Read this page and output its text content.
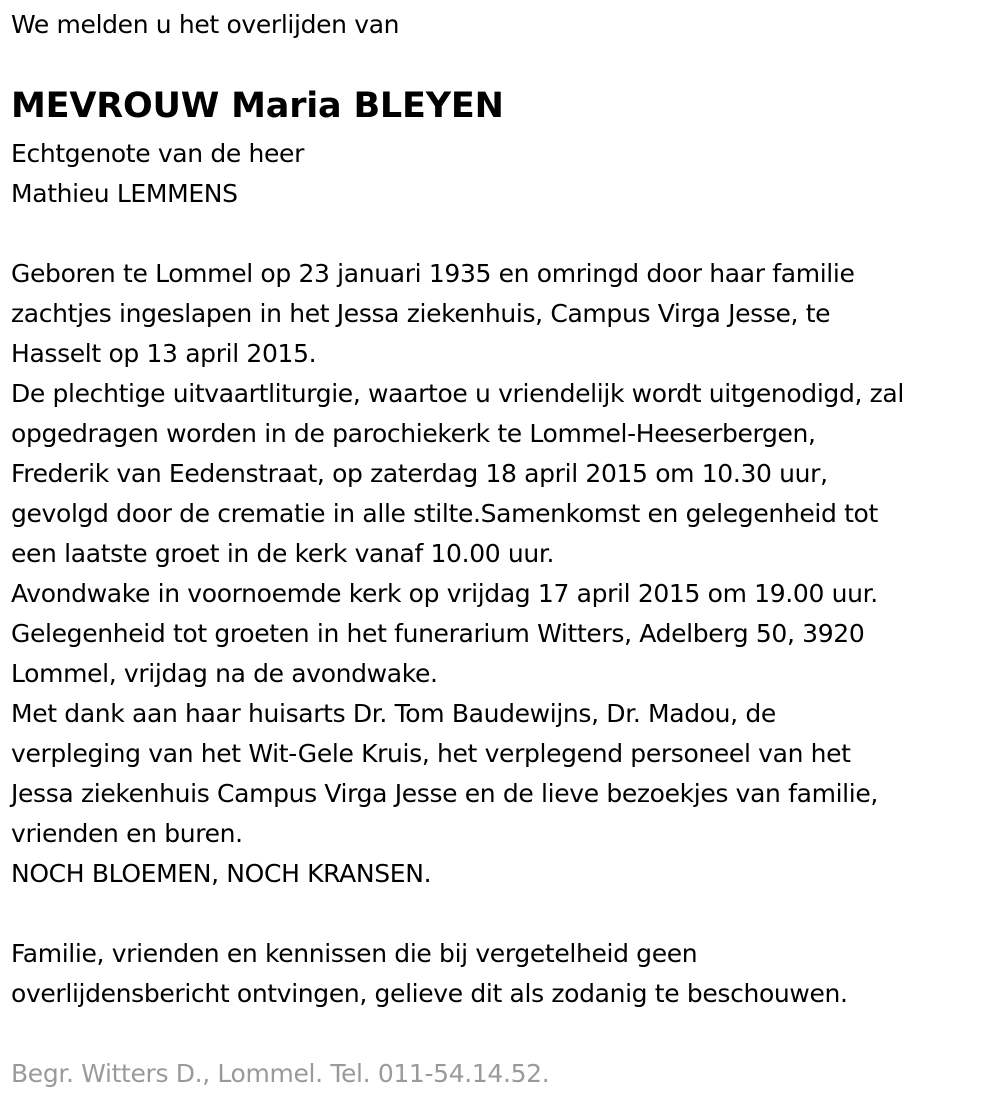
We melden u het overlijden van
MEVROUW Maria BLEYEN
Echtgenote van de heer
Mathieu LEMMENS
Geboren te Lommel op 23 januari 1935 en omringd door haar familie
zachtjes ingeslapen in het Jessa ziekenhuis, Campus Virga Jesse, te
Hasselt op 13 april 2015.
De plechtige uitvaartliturgie, waartoe u vriendelijk wordt uitgenodigd, zal
opgedragen worden in de parochiekerk te Lommel-Heeserbergen,
Frederik van Eedenstraat, op zaterdag 18 april 2015 om 10.30 uur,
gevolgd door de crematie in alle stilte.Samenkomst en gelegenheid tot
een laatste groet in de kerk vanaf 10.00 uur.
Avondwake in voornoemde kerk op vrijdag 17 april 2015 om 19.00 uur.
Gelegenheid tot groeten in het funerarium Witters, Adelberg 50, 3920
Lommel, vrijdag na de avondwake.
Met dank aan haar huisarts Dr. Tom Baudewijns, Dr. Madou, de
verpleging van het Wit-Gele Kruis, het verplegend personeel van het
Jessa ziekenhuis Campus Virga Jesse en de lieve bezoekjes van familie,
vrienden en buren.
NOCH BLOEMEN, NOCH KRANSEN.
Familie, vrienden en kennissen die bij vergetelheid geen
overlijdensbericht ontvingen, gelieve dit als zodanig te beschouwen.
Begr. Witters D., Lommel. Tel. 011-54.14.52.
